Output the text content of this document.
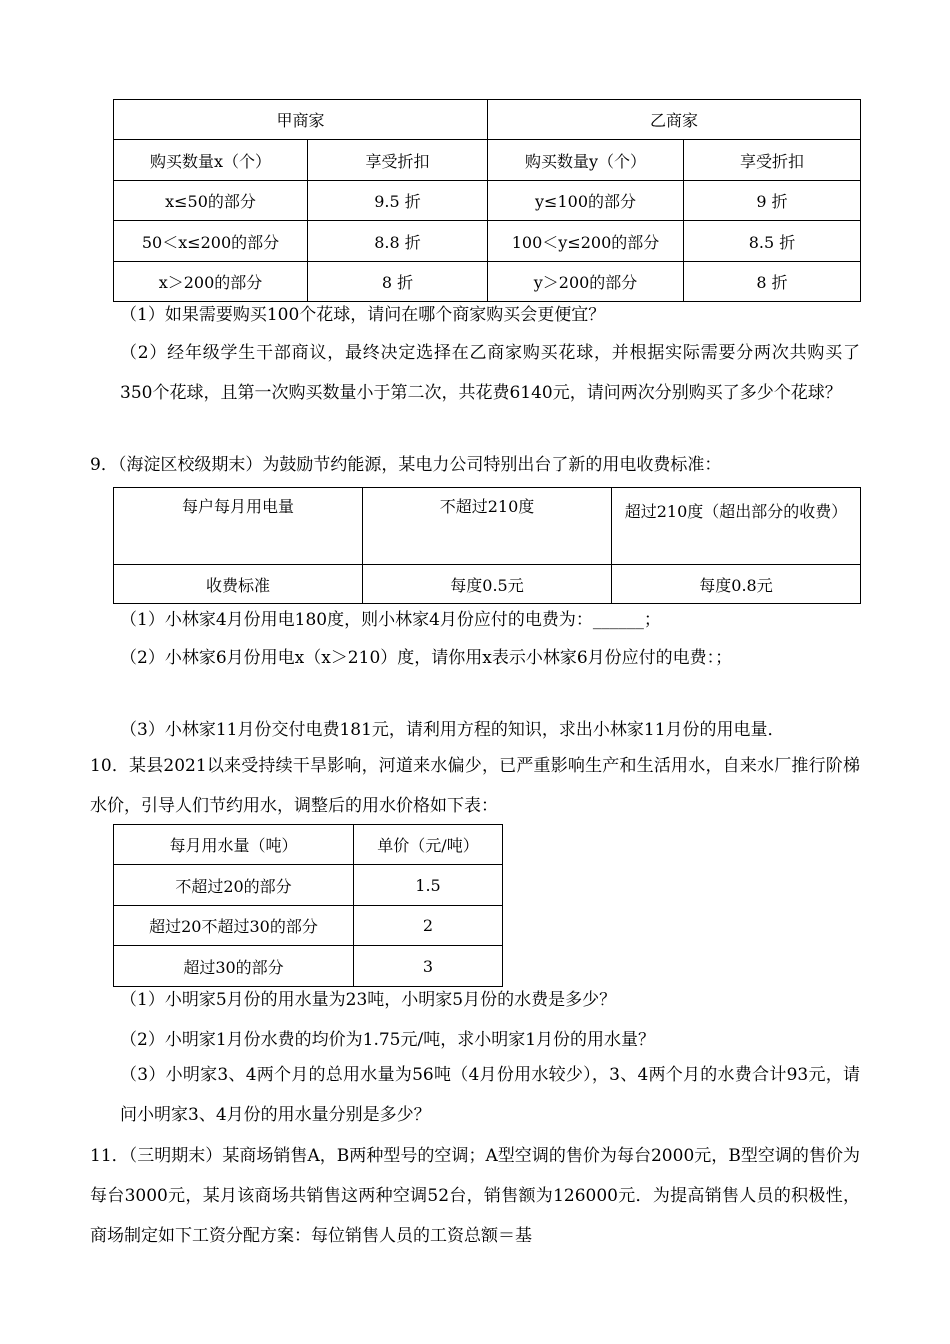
甲商家		乙商家	
购买数量x（个）	享受折扣	购买数量y（个）	享受折扣
x≤50的部分	9.5 折	y≤100的部分	9 折
50＜x≤200的部分	8.8 折	100＜y≤200的部分	8.5 折
x＞200的部分	8 折	y＞200的部分	8 折
（1）如果需要购买100个花球，请问在哪个商家购买会更便宜？
（2）经年级学生干部商议，最终决定选择在乙商家购买花球，并根据实际需要分两次共购买了350个花球，且第一次购买数量小于第二次，共花费6140元，请问两次分别购买了多少个花球？
9．（海淀区校级期末）为鼓励节约能源，某电力公司特别出台了新的用电收费标准：
每户每月用电量	不超过210度	超过210度（超出部分的收费）
收费标准	每度0.5元	每度0.8元
（1）小林家4月份用电180度，则小林家4月份应付的电费为：______；
（2）小林家6月份用电x（x＞210）度，请你用x表示小林家6月份应付的电费：；
（3）小林家11月份交付电费181元，请利用方程的知识，求出小林家11月份的用电量．
10．某县2021以来受持续干旱影响，河道来水偏少，已严重影响生产和生活用水，自来水厂推行阶梯水价，引导人们节约用水，调整后的用水价格如下表：
每月用水量（吨）	单价（元/吨）
不超过20的部分	1.5
超过20不超过30的部分	2
超过30的部分	3
（1）小明家5月份的用水量为23吨，小明家5月份的水费是多少？
（2）小明家1月份水费的均价为1.75元/吨，求小明家1月份的用水量？
（3）小明家3、4两个月的总用水量为56吨（4月份用水较少），3、4两个月的水费合计93元，请问小明家3、4月份的用水量分别是多少？
11．（三明期末）某商场销售A，B两种型号的空调；A型空调的售价为每台2000元，B型空调的售价为每台3000元，某月该商场共销售这两种空调52台，销售额为126000元．为提高销售人员的积极性，商场制定如下工资分配方案：每位销售人员的工资总额＝基
